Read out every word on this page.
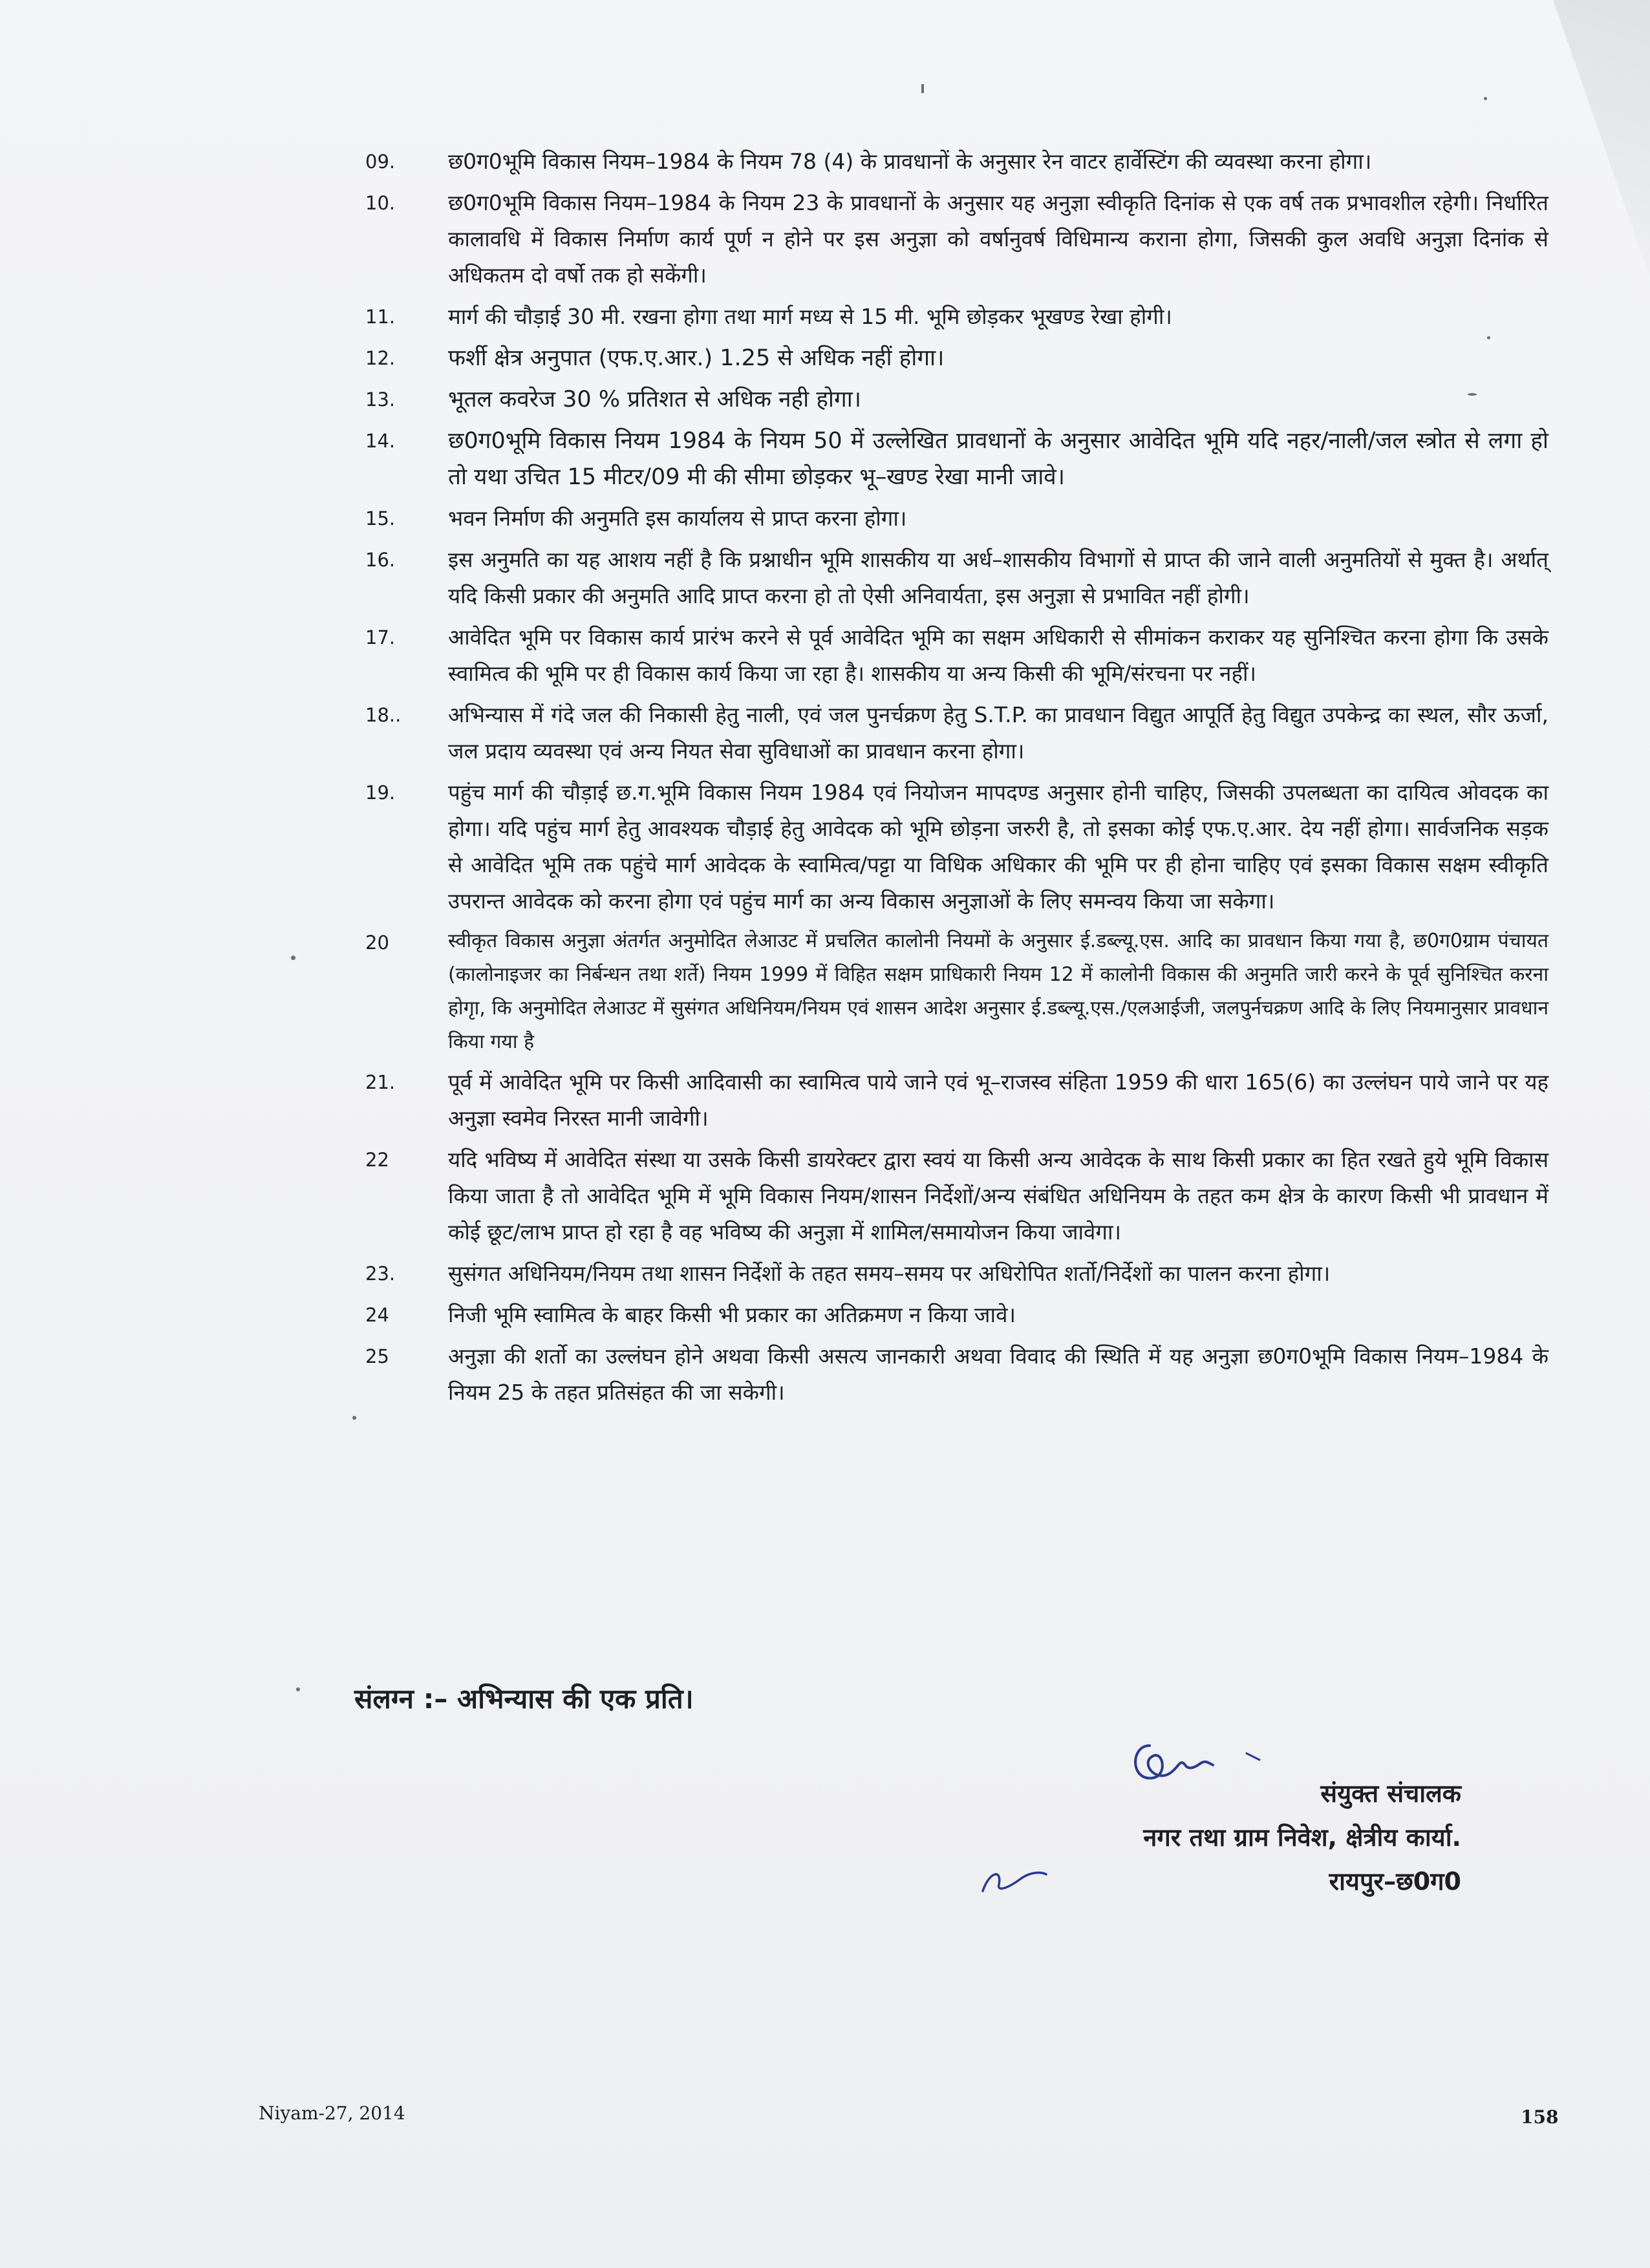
09.	छ0ग0भूमि विकास नियम–1984 के नियम 78 (4) के प्रावधानों के अनुसार रेन वाटर हार्वेस्टिंग की व्यवस्था करना होगा।
10.	छ0ग0भूमि विकास नियम–1984 के नियम 23 के प्रावधानों के अनुसार यह अनुज्ञा स्वीकृति दिनांक से एक वर्ष तक प्रभावशील रहेगी। निर्धारित कालावधि में विकास निर्माण कार्य पूर्ण न होने पर इस अनुज्ञा को वर्षानुवर्ष विधिमान्य कराना होगा, जिसकी कुल अवधि अनुज्ञा दिनांक से अधिकतम दो वर्षो तक हो सकेंगी।
11.	मार्ग की चौड़ाई 30 मी. रखना होगा तथा मार्ग मध्य से 15 मी. भूमि छोड़कर भूखण्ड रेखा होगी।
12.	फर्शी क्षेत्र अनुपात (एफ.ए.आर.) 1.25 से अधिक नहीं होगा।
13.	भूतल कवरेज 30 % प्रतिशत से अधिक नही होगा।
14.	छ0ग0भूमि विकास नियम 1984 के नियम 50 में उल्लेखित प्रावधानों के अनुसार आवेदित भूमि यदि नहर/नाली/जल स्त्रोत से लगा हो तो यथा उचित 15 मीटर/09 मी की सीमा छोड़कर भू–खण्ड रेखा मानी जावे।
15.	भवन निर्माण की अनुमति इस कार्यालय से प्राप्त करना होगा।
16.	इस अनुमति का यह आशय नहीं है कि प्रश्नाधीन भूमि शासकीय या अर्ध–शासकीय विभागों से प्राप्त की जाने वाली अनुमतियों से मुक्त है। अर्थात् यदि किसी प्रकार की अनुमति आदि प्राप्त करना हो तो ऐसी अनिवार्यता, इस अनुज्ञा से प्रभावित नहीं होगी।
17.	आवेदित भूमि पर विकास कार्य प्रारंभ करने से पूर्व आवेदित भूमि का सक्षम अधिकारी से सीमांकन कराकर यह सुनिश्चित करना होगा कि उसके स्वामित्व की भूमि पर ही विकास कार्य किया जा रहा है। शासकीय या अन्य किसी की भूमि/संरचना पर नहीं।
18..	अभिन्यास में गंदे जल की निकासी हेतु नाली, एवं जल पुनर्चक्रण हेतु S.T.P. का प्रावधान विद्युत आपूर्ति हेतु विद्युत उपकेन्द्र का स्थल, सौर ऊर्जा, जल प्रदाय व्यवस्था एवं अन्य नियत सेवा सुविधाओं का प्रावधान करना होगा।
19.	पहुंच मार्ग की चौड़ाई छ.ग.भूमि विकास नियम 1984 एवं नियोजन मापदण्ड अनुसार होनी चाहिए, जिसकी उपलब्धता का दायित्व ओवदक का होगा। यदि पहुंच मार्ग हेतु आवश्यक चौड़ाई हेतु आवेदक को भूमि छोड़ना जरुरी है, तो इसका कोई एफ.ए.आर. देय नहीं होगा। सार्वजनिक सड़क से आवेदित भूमि तक पहुंचे मार्ग आवेदक के स्वामित्व/पट्टा या विधिक अधिकार की भूमि पर ही होना चाहिए एवं इसका विकास सक्षम स्वीकृति उपरान्त आवेदक को करना होगा एवं पहुंच मार्ग का अन्य विकास अनुज्ञाओं के लिए समन्वय किया जा सकेगा।
20	स्वीकृत विकास अनुज्ञा अंतर्गत अनुमोदित लेआउट में प्रचलित कालोनी नियमों के अनुसार ई.डब्ल्यू.एस. आदि का प्रावधान किया गया है, छ0ग0ग्राम पंचायत (कालोनाइजर का निर्बन्धन तथा शर्ते) नियम 1999 में विहित सक्षम प्राधिकारी नियम 12 में कालोनी विकास की अनुमति जारी करने के पूर्व सुनिश्चित करना होगृा, कि अनुमोदित लेआउट में सुसंगत अधिनियम/नियम एवं शासन आदेश अनुसार ई.डब्ल्यू.एस./एलआईजी, जलपुर्नचक्रण आदि के लिए नियमानुसार प्रावधान किया गया है
21.	पूर्व में आवेदित भूमि पर किसी आदिवासी का स्वामित्व पाये जाने एवं भू–राजस्व संहिता 1959 की धारा 165(6) का उल्लंघन पाये जाने पर यह अनुज्ञा स्वमेव निरस्त मानी जावेगी।
22	यदि भविष्य में आवेदित संस्था या उसके किसी डायरेक्टर द्वारा स्वयं या किसी अन्य आवेदक के साथ किसी प्रकार का हित रखते हुये भूमि विकास किया जाता है तो आवेदित भूमि में भूमि विकास नियम/शासन निर्देशों/अन्य संबंधित अधिनियम के तहत कम क्षेत्र के कारण किसी भी प्रावधान में कोई छूट/लाभ प्राप्त हो रहा है वह भविष्य की अनुज्ञा में शामिल/समायोजन किया जावेगा।
23.	सुसंगत अधिनियम/नियम तथा शासन निर्देशों के तहत समय–समय पर अधिरोपित शर्तो/निर्देशों का पालन करना होगा।
24	निजी भूमि स्वामित्व के बाहर किसी भी प्रकार का अतिक्रमण न किया जावे।
25	अनुज्ञा की शर्तो का उल्लंघन होने अथवा किसी असत्य जानकारी अथवा विवाद की स्थिति में यह अनुज्ञा छ0ग0भूमि विकास नियम–1984 के नियम 25 के तहत प्रतिसंहत की जा सकेगी।
संलग्न :– अभिन्यास की एक प्रति।
संयुक्त संचालक
नगर तथा ग्राम निवेश, क्षेत्रीय कार्या.
रायपुर–छ0ग0
Niyam-27, 2014	158
